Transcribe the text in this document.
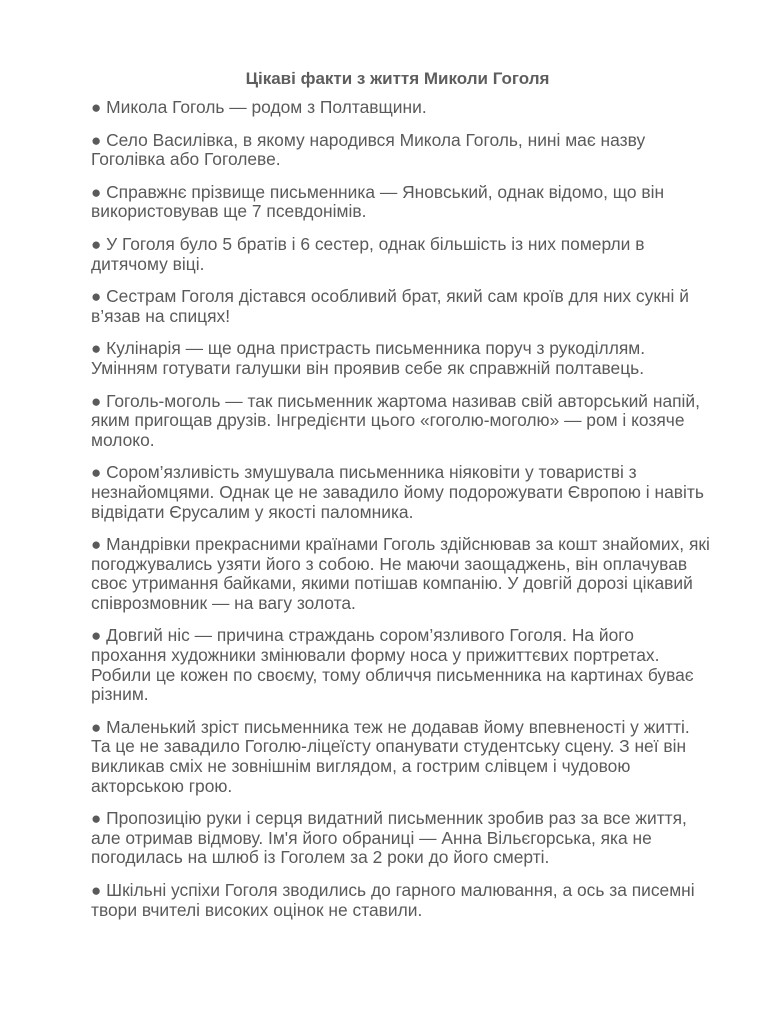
Цікаві факти з життя Миколи Гоголя

● Микола Гоголь — родом з Полтавщини.

● Село Василівка, в якому народився Микола Гоголь, нині має назву Гоголівка або Гоголеве.

● Справжнє прізвище письменника — Яновський, однак відомо, що він використовував ще 7 псевдонімів.

● У Гоголя було 5 братів і 6 сестер, однак більшість із них померли в дитячому віці.

● Сестрам Гоголя дістався особливий брат, який сам кроїв для них сукні й в’язав на спицях!

● Кулінарія — ще одна пристрасть письменника поруч з рукоділлям. Умінням готувати галушки він проявив себе як справжній полтавець.

● Гоголь-моголь — так письменник жартома називав свій авторський напій, яким пригощав друзів. Інгредієнти цього «гоголю-моголю» — ром і козяче молоко.

● Сором’язливість змушувала письменника ніяковіти у товаристві з незнайомцями. Однак це не завадило йому подорожувати Європою і навіть відвідати Єрусалим у якості паломника.

● Мандрівки прекрасними країнами Гоголь здійснював за кошт знайомих, які погоджувались узяти його з собою. Не маючи заощаджень, він оплачував своє утримання байками, якими потішав компанію. У довгій дорозі цікавий співрозмовник — на вагу золота.

● Довгий ніс — причина страждань сором’язливого Гоголя. На його прохання художники змінювали форму носа у прижиттєвих портретах. Робили це кожен по своєму, тому обличчя письменника на картинах буває різним.

● Маленький зріст письменника теж не додавав йому впевненості у житті. Та це не завадило Гоголю-ліцеїсту опанувати студентську сцену. З неї він викликав сміх не зовнішнім виглядом, а гострим слівцем і чудовою акторською грою.

● Пропозицію руки і серця видатний письменник зробив раз за все життя, але отримав відмову. Ім'я його обраниці — Анна Вільєгорська, яка не погодилась на шлюб із Гоголем за 2 роки до його смерті.

● Шкільні успіхи Гоголя зводились до гарного малювання, а ось за писемні твори вчителі високих оцінок не ставили.
